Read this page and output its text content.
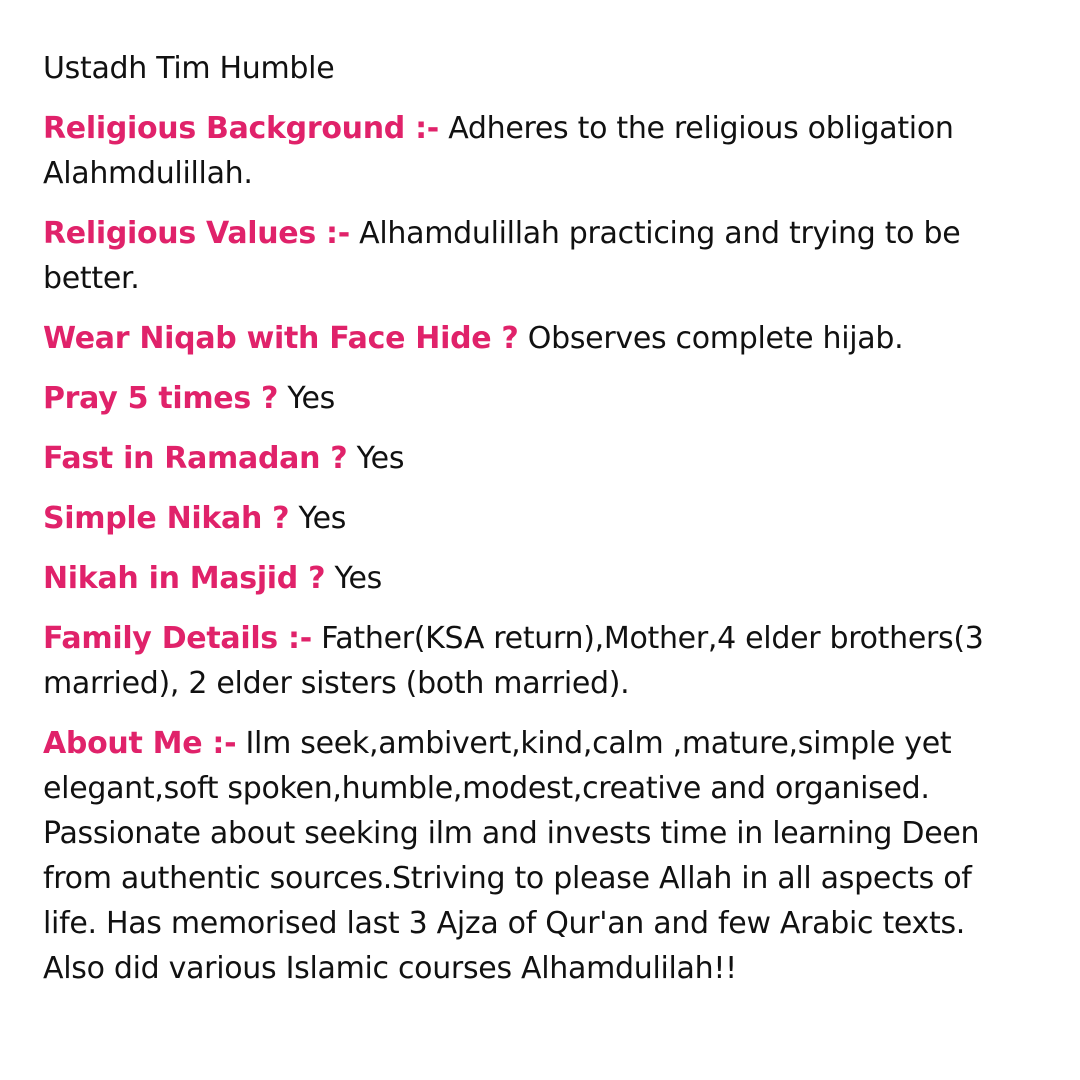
Ustadh Tim Humble

Religious Background :- Adheres to the religious obligation Alahmdulillah.

Religious Values :- Alhamdulillah practicing and trying to be better.

Wear Niqab with Face Hide ? Observes complete hijab.

Pray 5 times ? Yes

Fast in Ramadan ? Yes

Simple Nikah ? Yes

Nikah in Masjid ? Yes

Family Details :- Father(KSA return),Mother,4 elder brothers(3 married), 2 elder sisters (both married).

About Me :- Ilm seek,ambivert,kind,calm ,mature,simple yet elegant,soft spoken,humble,modest,creative and organised. Passionate about seeking ilm and invests time in learning Deen from authentic sources.Striving to please Allah in all aspects of life. Has memorised last 3 Ajza of Qur'an and few Arabic texts. Also did various Islamic courses Alhamdulilah!!
